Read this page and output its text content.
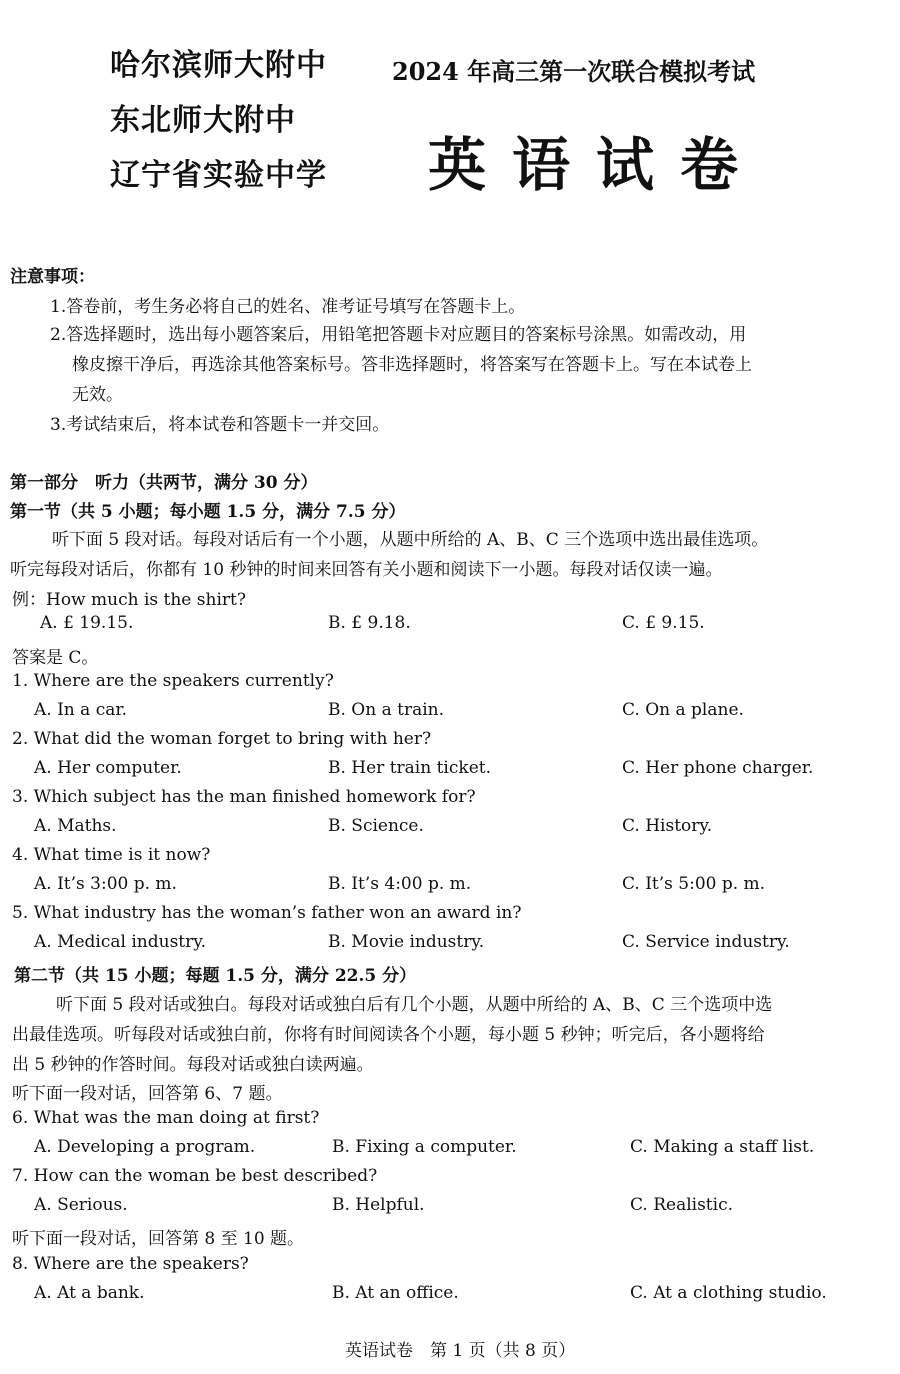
哈尔滨师大附中
东北师大附中
辽宁省实验中学
2024 年高三第一次联合模拟考试
英语试卷
注意事项：
1.答卷前，考生务必将自己的姓名、准考证号填写在答题卡上。
2.答选择题时，选出每小题答案后，用铅笔把答题卡对应题目的答案标号涂黑。如需改动，用
橡皮擦干净后，再选涂其他答案标号。答非选择题时，将答案写在答题卡上。写在本试卷上
无效。
3.考试结束后，将本试卷和答题卡一并交回。
第一部分　听力（共两节，满分 30 分）
第一节（共 5 小题；每小题 1.5 分，满分 7.5 分）
听下面 5 段对话。每段对话后有一个小题，从题中所给的 A、B、C 三个选项中选出最佳选项。
听完每段对话后，你都有 10 秒钟的时间来回答有关小题和阅读下一小题。每段对话仅读一遍。
例：How much is the shirt?
A. £ 19.15.	B. £ 9.18.	C. £ 9.15.
答案是 C。
1. Where are the speakers currently?
A. In a car.	B. On a train.	C. On a plane.
2. What did the woman forget to bring with her?
A. Her computer.	B. Her train ticket.	C. Her phone charger.
3. Which subject has the man finished homework for?
A. Maths.	B. Science.	C. History.
4. What time is it now?
A. It’s 3:00 p. m.	B. It’s 4:00 p. m.	C. It’s 5:00 p. m.
5. What industry has the woman’s father won an award in?
A. Medical industry.	B. Movie industry.	C. Service industry.
第二节（共 15 小题；每题 1.5 分，满分 22.5 分）
听下面 5 段对话或独白。每段对话或独白后有几个小题，从题中所给的 A、B、C 三个选项中选
出最佳选项。听每段对话或独白前，你将有时间阅读各个小题，每小题 5 秒钟；听完后，各小题将给
出 5 秒钟的作答时间。每段对话或独白读两遍。
听下面一段对话，回答第 6、7 题。
6. What was the man doing at first?
A. Developing a program.	B. Fixing a computer.	C. Making a staff list.
7. How can the woman be best described?
A. Serious.	B. Helpful.	C. Realistic.
听下面一段对话，回答第 8 至 10 题。
8. Where are the speakers?
A. At a bank.	B. At an office.	C. At a clothing studio.
英语试卷　第 1 页（共 8 页）
